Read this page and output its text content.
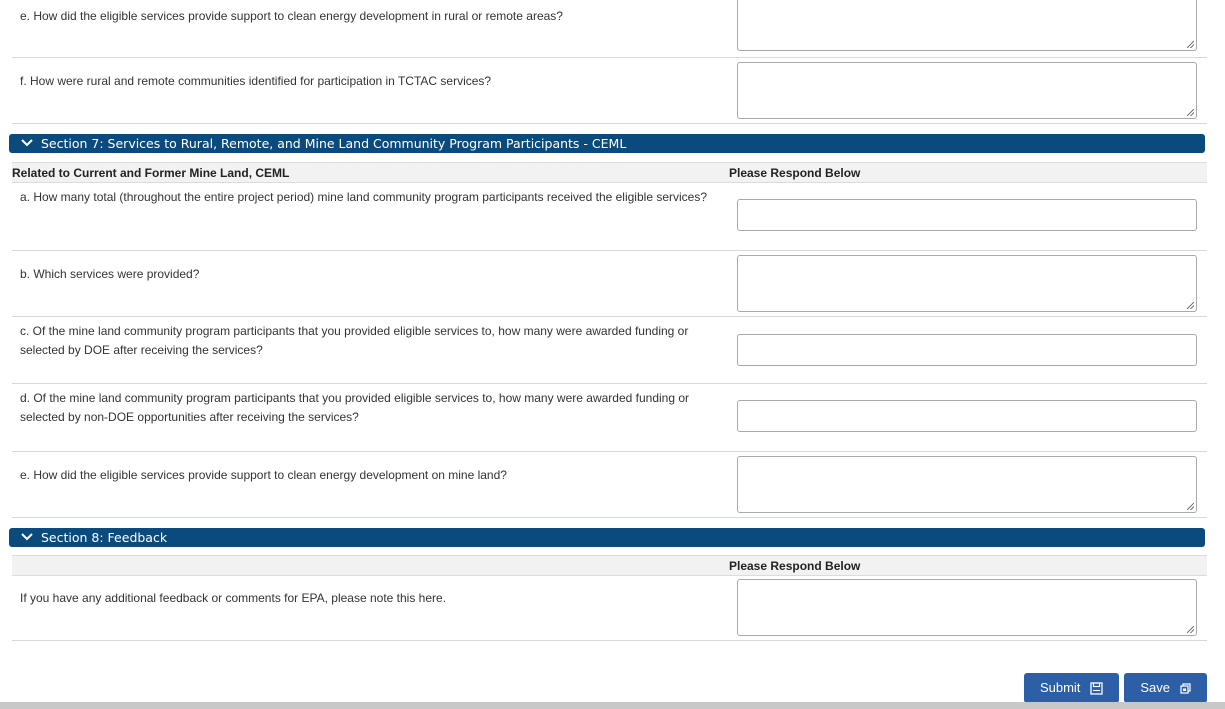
e. How did the eligible services provide support to clean energy development in rural or remote areas?
f. How were rural and remote communities identified for participation in TCTAC services?
Section 7: Services to Rural, Remote, and Mine Land Community Program Participants - CEML
Related to Current and Former Mine Land, CEML	Please Respond Below
a. How many total (throughout the entire project period) mine land community program participants received the eligible services?
b. Which services were provided?
c. Of the mine land community program participants that you provided eligible services to, how many were awarded funding or selected by DOE after receiving the services?
d. Of the mine land community program participants that you provided eligible services to, how many were awarded funding or selected by non-DOE opportunities after receiving the services?
e. How did the eligible services provide support to clean energy development on mine land?
Section 8: Feedback
Please Respond Below
If you have any additional feedback or comments for EPA, please note this here.
Submit	Save
